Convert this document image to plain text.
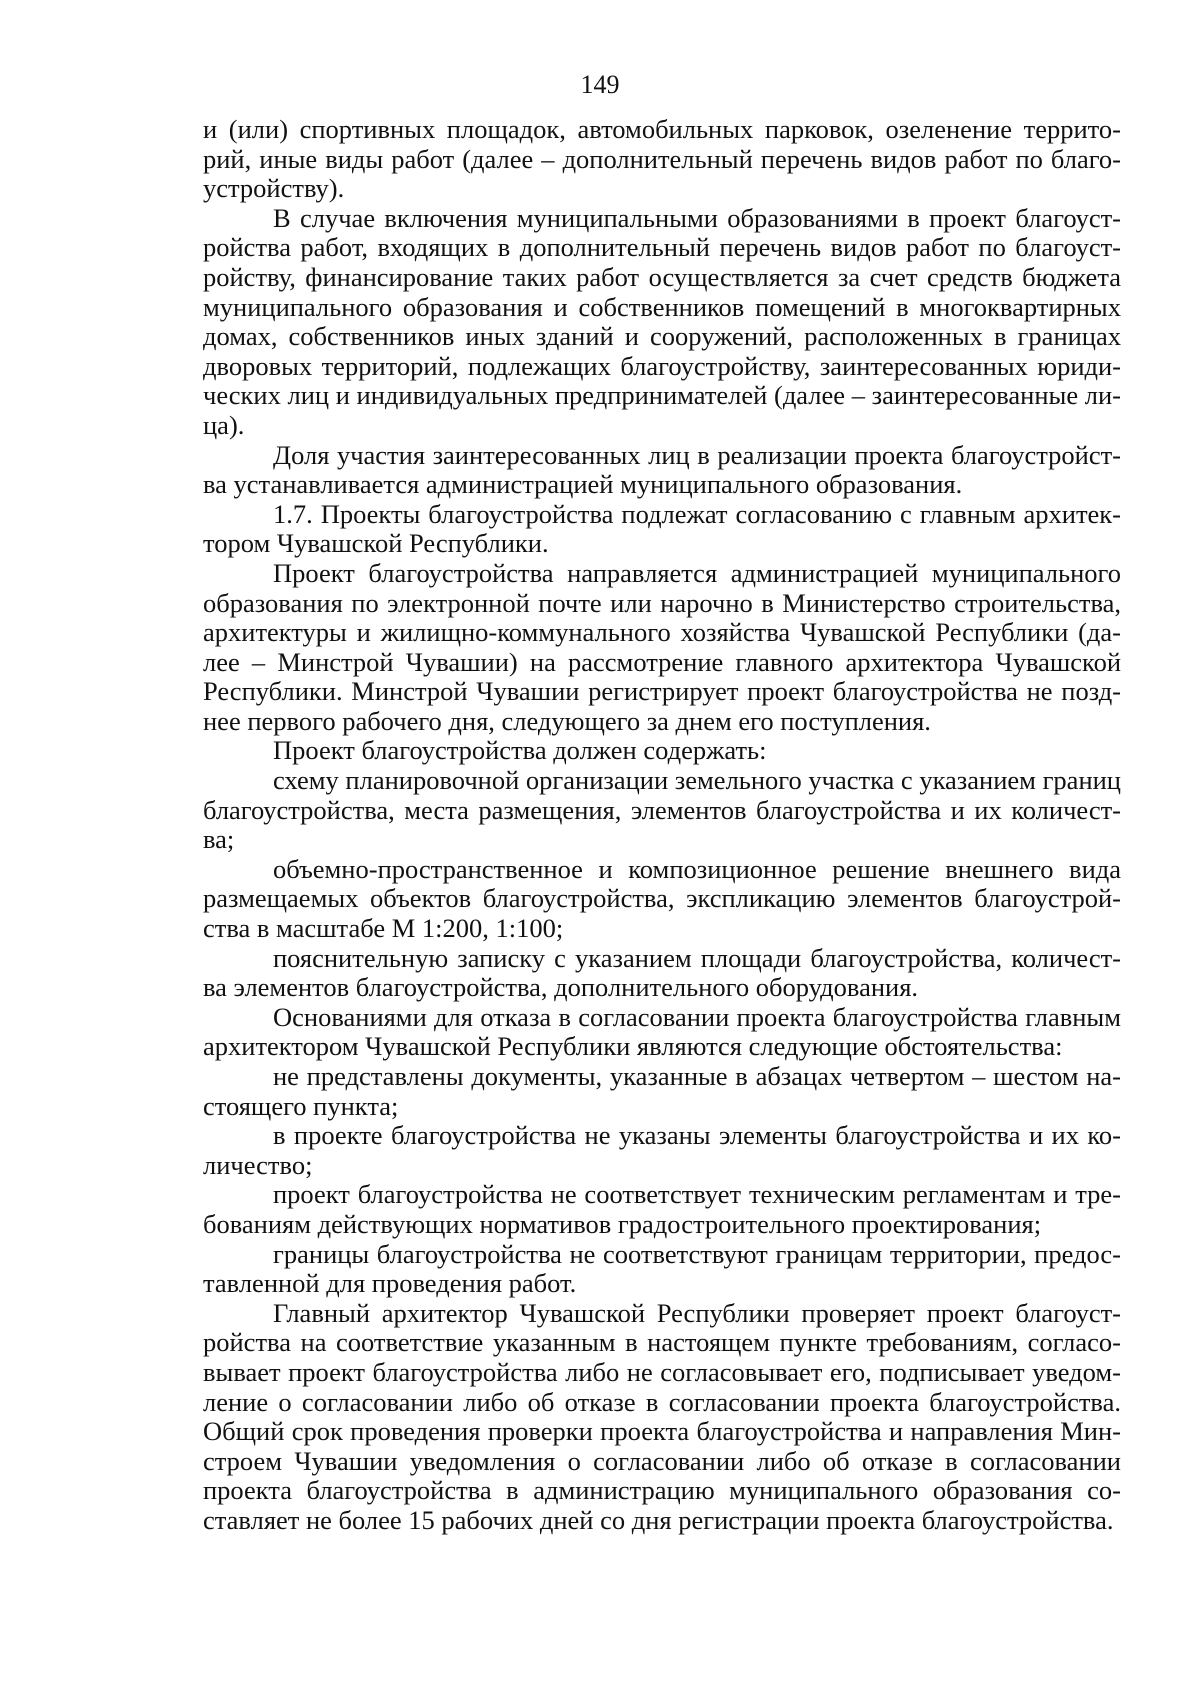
149

и (или) спортивных площадок, автомобильных парковок, озеленение территорий, иные виды работ (далее – дополнительный перечень видов работ по благоустройству).

В случае включения муниципальными образованиями в проект благоустройства работ, входящих в дополнительный перечень видов работ по благоустройству, финансирование таких работ осуществляется за счет средств бюджета муниципального образования и собственников помещений в многоквартирных домах, собственников иных зданий и сооружений, расположенных в границах дворовых территорий, подлежащих благоустройству, заинтересованных юридических лиц и индивидуальных предпринимателей (далее – заинтересованные лица).

Доля участия заинтересованных лиц в реализации проекта благоустройства устанавливается администрацией муниципального образования.

1.7. Проекты благоустройства подлежат согласованию с главным архитектором Чувашской Республики.

Проект благоустройства направляется администрацией муниципального образования по электронной почте или нарочно в Министерство строительства, архитектуры и жилищно-коммунального хозяйства Чувашской Республики (далее – Минстрой Чувашии) на рассмотрение главного архитектора Чувашской Республики. Минстрой Чувашии регистрирует проект благоустройства не позднее первого рабочего дня, следующего за днем его поступления.

Проект благоустройства должен содержать:

схему планировочной организации земельного участка с указанием границ благоустройства, места размещения, элементов благоустройства и их количества;

объемно-пространственное и композиционное решение внешнего вида размещаемых объектов благоустройства, экспликацию элементов благоустройства в масштабе М 1:200, 1:100;

пояснительную записку с указанием площади благоустройства, количества элементов благоустройства, дополнительного оборудования.

Основаниями для отказа в согласовании проекта благоустройства главным архитектором Чувашской Республики являются следующие обстоятельства:

не представлены документы, указанные в абзацах четвертом – шестом настоящего пункта;

в проекте благоустройства не указаны элементы благоустройства и их количество;

проект благоустройства не соответствует техническим регламентам и требованиям действующих нормативов градостроительного проектирования;

границы благоустройства не соответствуют границам территории, предоставленной для проведения работ.

Главный архитектор Чувашской Республики проверяет проект благоустройства на соответствие указанным в настоящем пункте требованиям, согласовывает проект благоустройства либо не согласовывает его, подписывает уведомление о согласовании либо об отказе в согласовании проекта благоустройства. Общий срок проведения проверки проекта благоустройства и направления Минстроем Чувашии уведомления о согласовании либо об отказе в согласовании проекта благоустройства в администрацию муниципального образования составляет не более 15 рабочих дней со дня регистрации проекта благоустройства.
